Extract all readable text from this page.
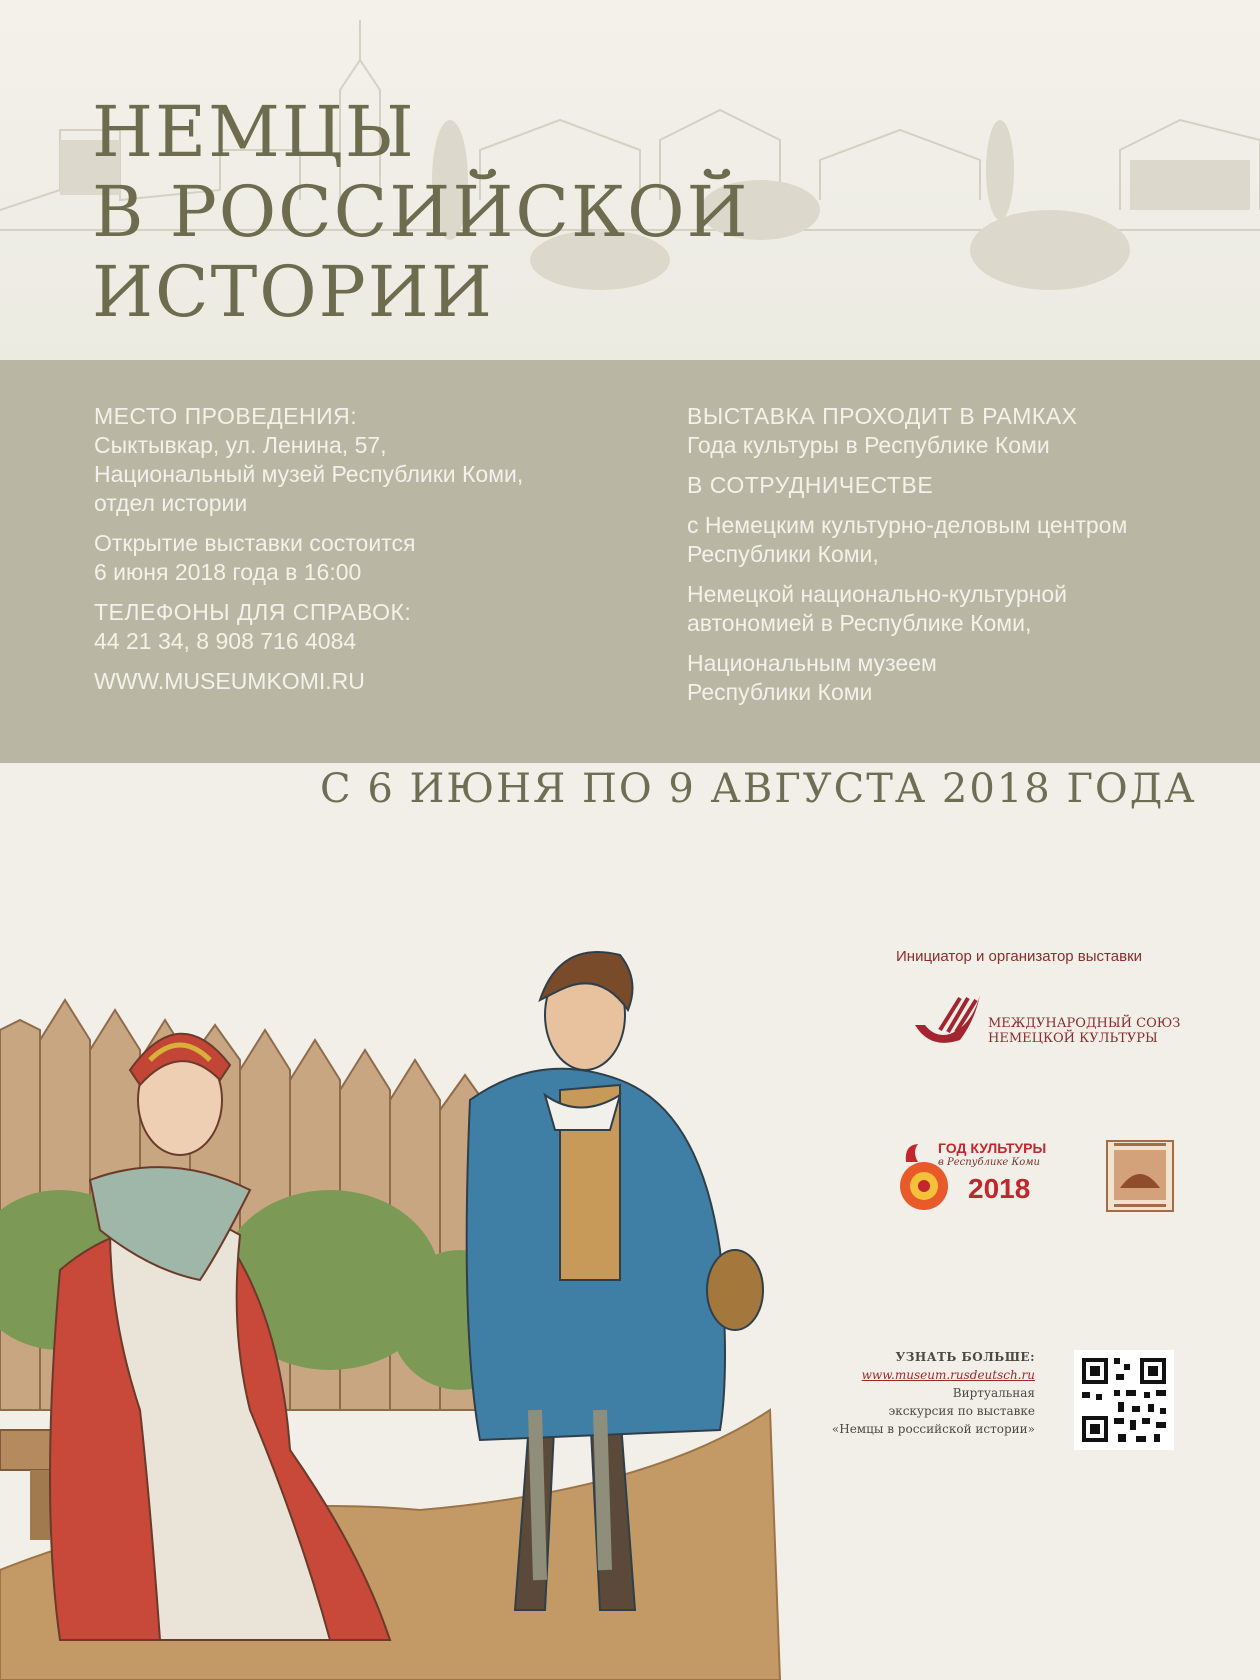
НЕМЦЫ
В РОССИЙСКОЙ
ИСТОРИИ

МЕСТО ПРОВЕДЕНИЯ:
Сыктывкар, ул. Ленина, 57,
Национальный музей Республики Коми,
отдел истории

Открытие выставки состоится
6 июня 2018 года в 16:00

ТЕЛЕФОНЫ ДЛЯ СПРАВОК:
44 21 34, 8 908 716 4084

WWW.MUSEUMKOMI.RU

ВЫСТАВКА ПРОХОДИТ В РАМКАХ
Года культуры в Республике Коми

В СОТРУДНИЧЕСТВЕ

с Немецким культурно-деловым центром
Республики Коми,

Немецкой национально-культурной
автономией в Республике Коми,

Национальным музеем
Республики Коми

С 6 ИЮНЯ ПО 9 АВГУСТА 2018 ГОДА
Инициатор и организатор выставки
МЕЖДУНАРОДНЫЙ СОЮЗ
НЕМЕЦКОЙ КУЛЬТУРЫ
ГОД КУЛЬТУРЫ
в Республике Коми
2018
УЗНАТЬ БОЛЬШЕ:
www.museum.rusdeutsch.ru
Виртуальная
экскурсия по выставке
«Немцы в российской истории»
